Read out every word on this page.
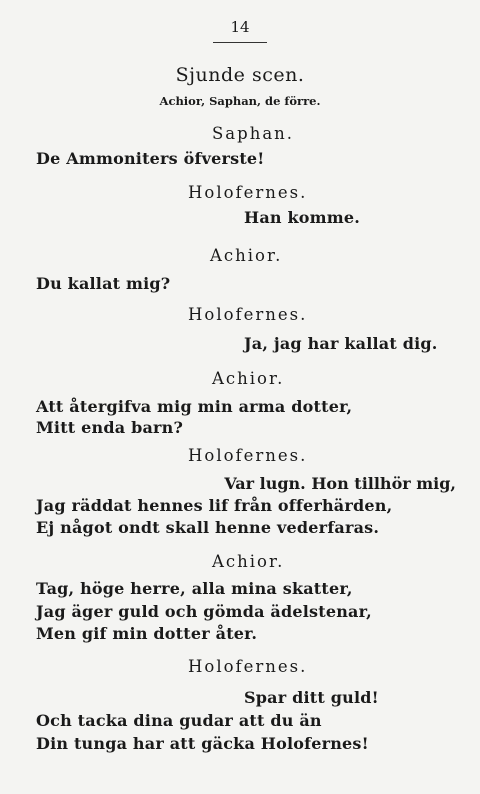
14
Sjunde scen.
Achior, Saphan, de förre.
Saphan.
De Ammoniters öfverste!
Holofernes.
Han komme.
Achior.
Du kallat mig?
Holofernes.
Ja, jag har kallat dig.
Achior.
Att återgifva mig min arma dotter,
Mitt enda barn?
Holofernes.
Var lugn. Hon tillhör mig,
Jag räddat hennes lif från offerhärden,
Ej något ondt skall henne vederfaras.
Achior.
Tag, höge herre, alla mina skatter,
Jag äger guld och gömda ädelstenar,
Men gif min dotter åter.
Holofernes.
Spar ditt guld!
Och tacka dina gudar att du än
Din tunga har att gäcka Holofernes!
